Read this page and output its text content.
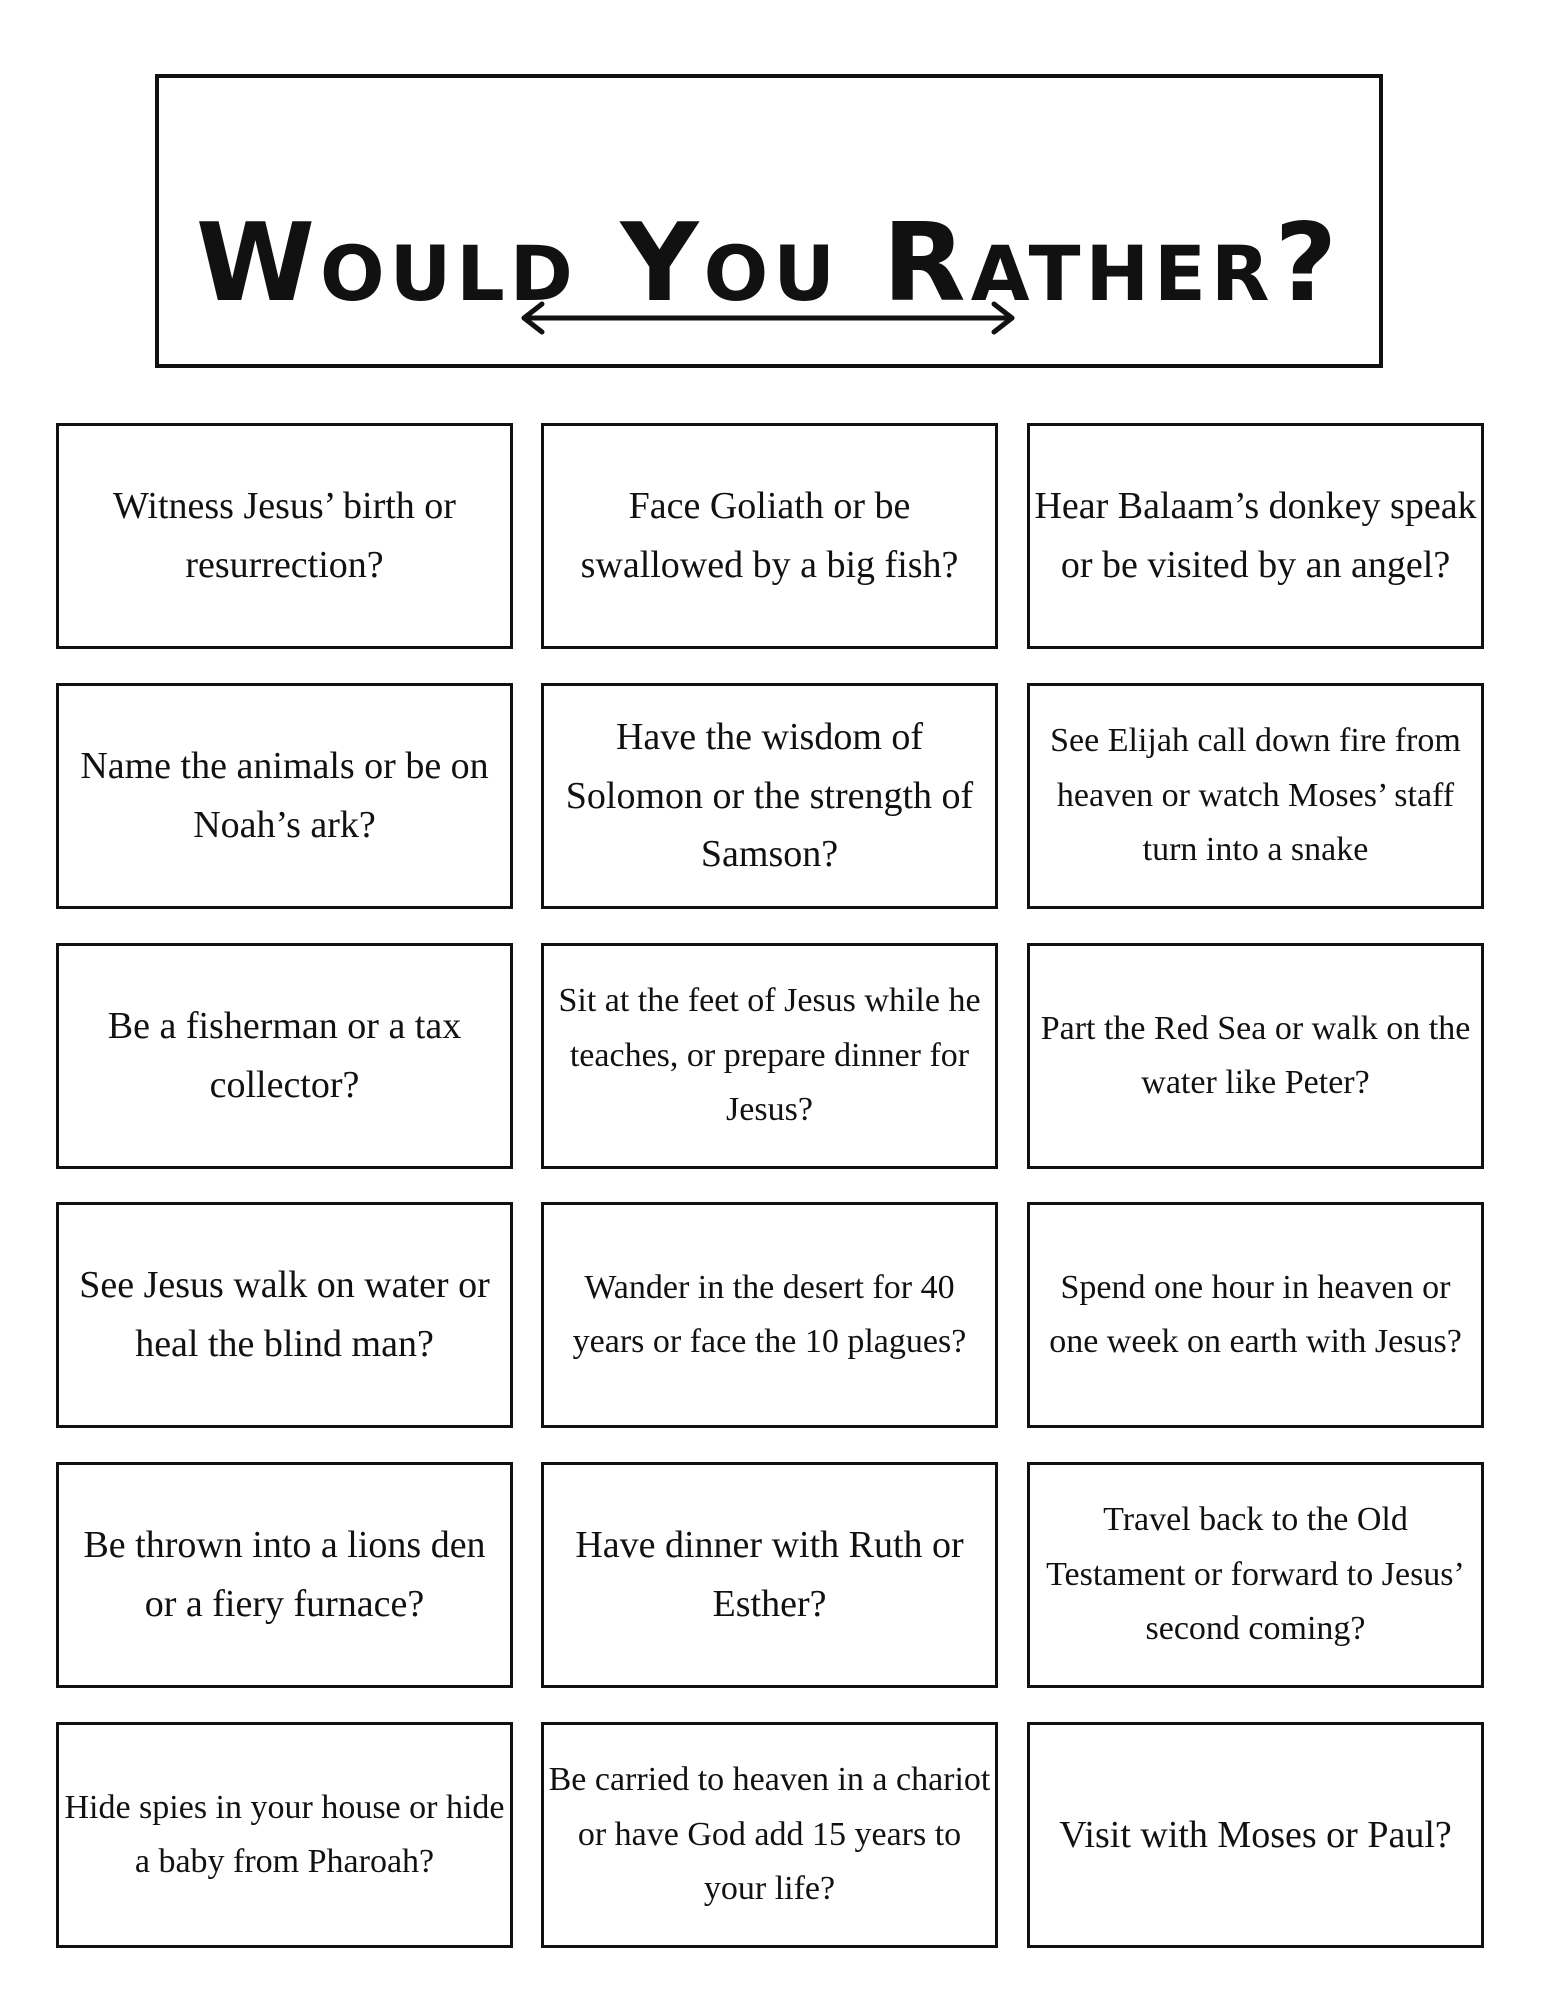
Would You Rather?
Witness Jesus’ birth or resurrection?
Face Goliath or be swallowed by a big fish?
Hear Balaam’s donkey speak or be visited by an angel?
Name the animals or be on Noah’s ark?
Have the wisdom of Solomon or the strength of Samson?
See Elijah call down fire from heaven or watch Moses’ staff turn into a snake
Be a fisherman or a tax collector?
Sit at the feet of Jesus while he teaches, or prepare dinner for Jesus?
Part the Red Sea or walk on the water like Peter?
See Jesus walk on water or heal the blind man?
Wander in the desert for 40 years or face the 10 plagues?
Spend one hour in heaven or one week on earth with Jesus?
Be thrown into a lions den or a fiery furnace?
Have dinner with Ruth or Esther?
Travel back to the Old Testament or forward to Jesus’ second coming?
Hide spies in your house or hide a baby from Pharoah?
Be carried to heaven in a chariot or have God add 15 years to your life?
Visit with Moses or Paul?
